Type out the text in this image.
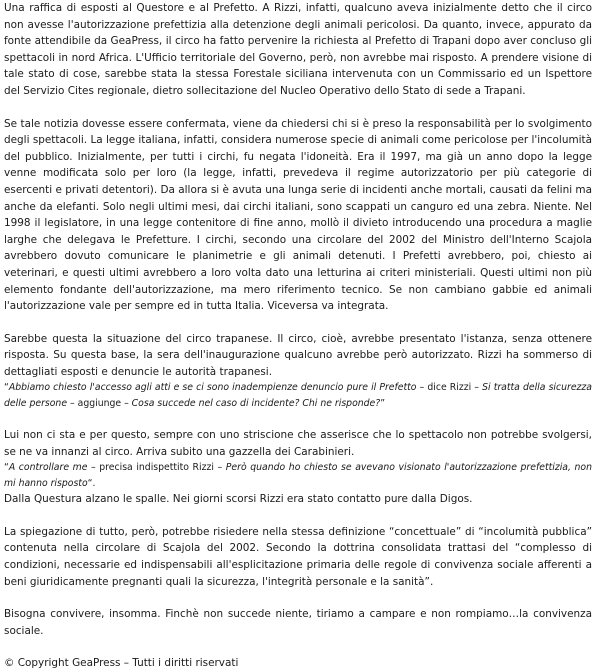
Una raffica di esposti al Questore e al Prefetto. A Rizzi, infatti, qualcuno aveva inizialmente detto che il circo non avesse l'autorizzazione prefettizia alla detenzione degli animali pericolosi. Da quanto, invece, appurato da fonte attendibile da GeaPress, il circo ha fatto pervenire la richiesta al Prefetto di Trapani dopo aver concluso gli spettacoli in nord Africa. L'Ufficio territoriale del Governo, però, non avrebbe mai risposto. A prendere visione di tale stato di cose, sarebbe stata la stessa Forestale siciliana intervenuta con un Commissario ed un Ispettore del Servizio Cites regionale, dietro sollecitazione del Nucleo Operativo dello Stato di sede a Trapani.

Se tale notizia dovesse essere confermata, viene da chiedersi chi si è preso la responsabilità per lo svolgimento degli spettacoli. La legge italiana, infatti, considera numerose specie di animali come pericolose per l'incolumità del pubblico. Inizialmente, per tutti i circhi, fu negata l'idoneità. Era il 1997, ma già un anno dopo la legge venne modificata solo per loro (la legge, infatti, prevedeva il regime autorizzatorio per più categorie di esercenti e privati detentori). Da allora si è avuta una lunga serie di incidenti anche mortali, causati da felini ma anche da elefanti. Solo negli ultimi mesi, dai circhi italiani, sono scappati un canguro ed una zebra. Niente. Nel 1998 il legislatore, in una legge contenitore di fine anno, mollò il divieto introducendo una procedura a maglie larghe che delegava le Prefetture. I circhi, secondo una circolare del 2002 del Ministro dell'Interno Scajola avrebbero dovuto comunicare le planimetrie e gli animali detenuti. I Prefetti avrebbero, poi, chiesto ai veterinari, e questi ultimi avrebbero a loro volta dato una letturina ai criteri ministeriali. Questi ultimi non più elemento fondante dell'autorizzazione, ma mero riferimento tecnico. Se non cambiano gabbie ed animali l'autorizzazione vale per sempre ed in tutta Italia. Viceversa va integrata.

Sarebbe questa la situazione del circo trapanese. Il circo, cioè, avrebbe presentato l'istanza, senza ottenere risposta. Su questa base, la sera dell'inaugurazione qualcuno avrebbe però autorizzato. Rizzi ha sommerso di dettagliati esposti e denuncie le autorità trapanesi.

“Abbiamo chiesto l'accesso agli atti e se ci sono inadempienze denuncio pure il Prefetto – dice Rizzi – Si tratta della sicurezza delle persone – aggiunge – Cosa succede nel caso di incidente? Chi ne risponde?”

Lui non ci sta e per questo, sempre con uno striscione che asserisce che lo spettacolo non potrebbe svolgersi, se ne va innanzi al circo. Arriva subito una gazzella dei Carabinieri.

“A controllare me – precisa indispettito Rizzi – Però quando ho chiesto se avevano visionato l'autorizzazione prefettizia, non mi hanno risposto“.

Dalla Questura alzano le spalle. Nei giorni scorsi Rizzi era stato contatto pure dalla Digos.

La spiegazione di tutto, però, potrebbe risiedere nella stessa definizione “concettuale” di “incolumità pubblica” contenuta nella circolare di Scajola del 2002. Secondo la dottrina consolidata trattasi del “complesso di condizioni, necessarie ed indispensabili all'esplicitazione primaria delle regole di convivenza sociale afferenti a beni giuridicamente pregnanti quali la sicurezza, l'integrità personale e la sanità”.

Bisogna convivere, insomma. Finchè non succede niente, tiriamo a campare e non rompiamo…la convivenza sociale.

© Copyright GeaPress – Tutti i diritti riservati
